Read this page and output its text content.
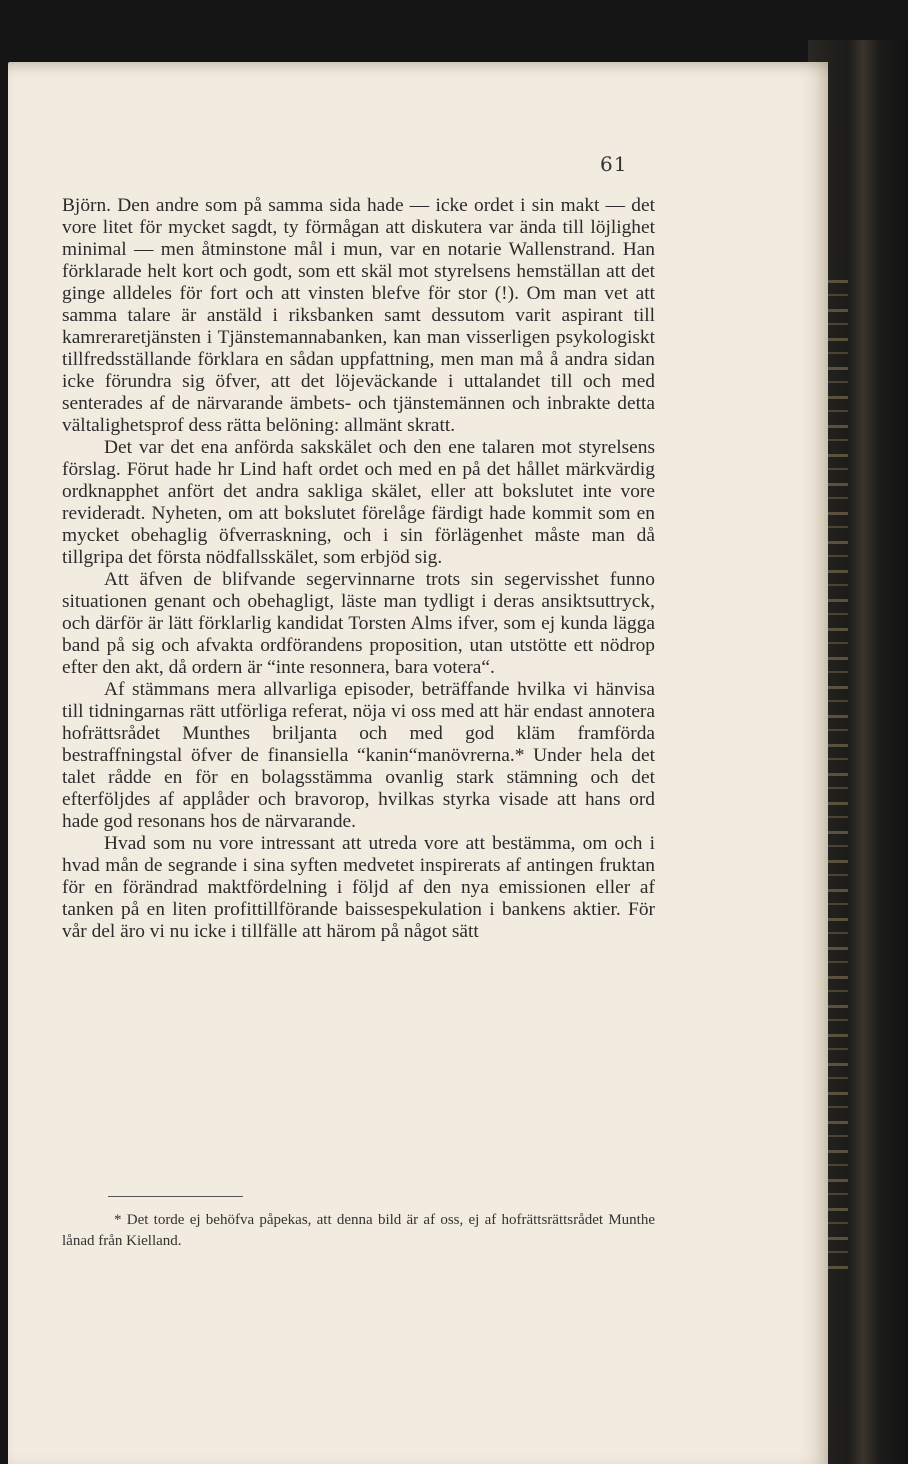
61

Björn. Den andre som på samma sida hade — icke ordet i sin makt — det vore litet för mycket sagdt, ty förmågan att diskutera var ända till löjlighet minimal — men åtminstone mål i mun, var en notarie Wallenstrand. Han förklarade helt kort och godt, som ett skäl mot styrelsens hemställan att det ginge alldeles för fort och att vinsten blefve för stor (!). Om man vet att samma talare är anstäld i riksbanken samt dessutom varit aspirant till kamreraretjänsten i Tjänstemannabanken, kan man visserligen psykologiskt tillfredsställande förklara en sådan uppfattning, men man må å andra sidan icke förundra sig öfver, att det löjeväckande i uttalandet till och med senterades af de närvarande ämbets- och tjänstemännen och inbrakte detta vältalighetsprof dess rätta belöning: allmänt skratt.

Det var det ena anförda sakskälet och den ene talaren mot styrelsens förslag. Förut hade hr Lind haft ordet och med en på det hållet märkvärdig ordknapphet anfört det andra sakliga skälet, eller att bokslutet inte vore revideradt. Nyheten, om att bokslutet förelåge färdigt hade kommit som en mycket obehaglig öfverraskning, och i sin förlägenhet måste man då tillgripa det första nödfallsskälet, som erbjöd sig.

Att äfven de blifvande segervinnarne trots sin segervisshet funno situationen genant och obehagligt, läste man tydligt i deras ansiktsuttryck, och därför är lätt förklarlig kandidat Torsten Alms ifver, som ej kunda lägga band på sig och afvakta ordförandens proposition, utan utstötte ett nödrop efter den akt, då ordern är “inte resonnera, bara votera“.

Af stämmans mera allvarliga episoder, beträffande hvilka vi hänvisa till tidningarnas rätt utförliga referat, nöja vi oss med att här endast annotera hofrättsrådet Munthes briljanta och med god kläm framförda bestraffningstal öfver de finansiella “kanin“manövrerna.* Under hela det talet rådde en för en bolagsstämma ovanlig stark stämning och det efterföljdes af applåder och bravorop, hvilkas styrka visade att hans ord hade god resonans hos de närvarande.

Hvad som nu vore intressant att utreda vore att bestämma, om och i hvad mån de segrande i sina syften medvetet inspirerats af antingen fruktan för en förändrad maktfördelning i följd af den nya emissionen eller af tanken på en liten profittillförande baissespekulation i bankens aktier. För vår del äro vi nu icke i tillfälle att härom på något sätt

* Det torde ej behöfva påpekas, att denna bild är af oss, ej af hofrättsrättsrådet Munthe lånad från Kielland.
